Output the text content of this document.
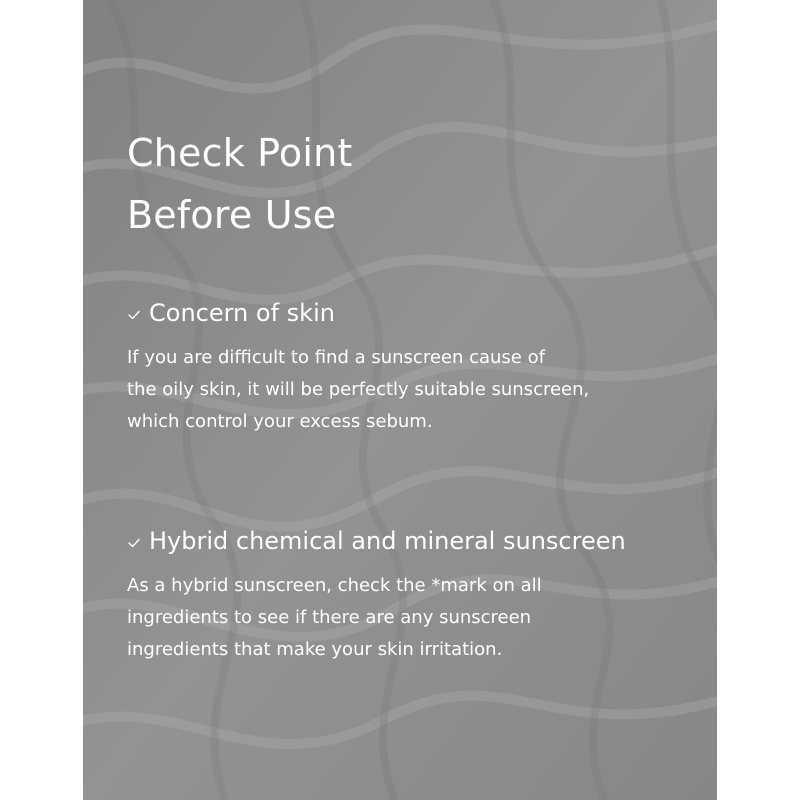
Check Point
Before Use
Concern of skin

If you are difficult to find a sunscreen cause of
the oily skin, it will be perfectly suitable sunscreen,
which control your excess sebum.

Hybrid chemical and mineral sunscreen

As a hybrid sunscreen, check the *mark on all
ingredients to see if there are any sunscreen
ingredients that make your skin irritation.
